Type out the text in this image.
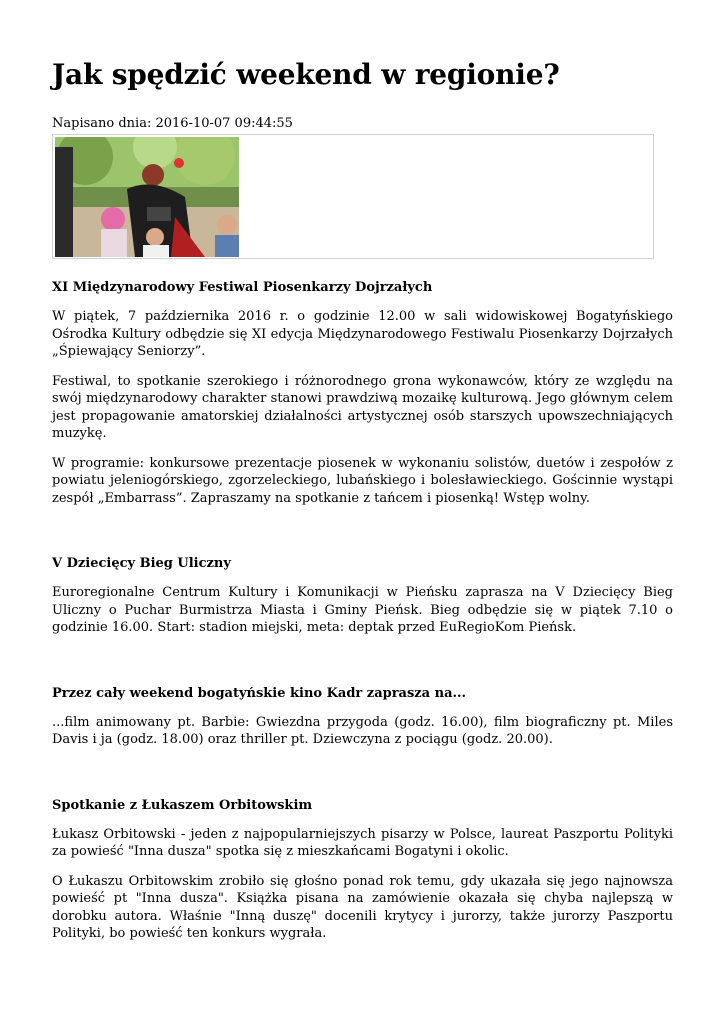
Jak spędzić weekend w regionie?
Napisano dnia: 2016-10-07 09:44:55
XI Międzynarodowy Festiwal Piosenkarzy Dojrzałych

W piątek, 7 października 2016 r. o godzinie 12.00 w sali widowiskowej Bogatyńskiego Ośrodka Kultury odbędzie się XI edycja Międzynarodowego Festiwalu Piosenkarzy Dojrzałych „Śpiewający Seniorzy”.

Festiwal, to spotkanie szerokiego i różnorodnego grona wykonawców, który ze względu na swój międzynarodowy charakter stanowi prawdziwą mozaikę kulturową. Jego głównym celem jest propagowanie amatorskiej działalności artystycznej osób starszych upowszechniających muzykę.

W programie: konkursowe prezentacje piosenek w wykonaniu solistów, duetów i zespołów z powiatu jeleniogórskiego, zgorzeleckiego, lubańskiego i bolesławieckiego. Gościnnie wystąpi zespół „Embarrass”. Zapraszamy na spotkanie z tańcem i piosenką! Wstęp wolny.

V Dziecięcy Bieg Uliczny

Euroregionalne Centrum Kultury i Komunikacji w Pieńsku zaprasza na V Dziecięcy Bieg Uliczny o Puchar Burmistrza Miasta i Gminy Pieńsk. Bieg odbędzie się w piątek 7.10 o godzinie 16.00. Start: stadion miejski, meta: deptak przed EuRegioKom Pieńsk.

Przez cały weekend bogatyńskie kino Kadr zaprasza na...

...film animowany pt. Barbie: Gwiezdna przygoda (godz. 16.00), film biograficzny pt. Miles Davis i ja (godz. 18.00) oraz thriller pt. Dziewczyna z pociągu (godz. 20.00).

Spotkanie z Łukaszem Orbitowskim

Łukasz Orbitowski - jeden z najpopularniejszych pisarzy w Polsce, laureat Paszportu Polityki za powieść "Inna dusza" spotka się z mieszkańcami Bogatyni i okolic.

O Łukaszu Orbitowskim zrobiło się głośno ponad rok temu, gdy ukazała się jego najnowsza powieść pt "Inna dusza". Książka pisana na zamówienie okazała się chyba najlepszą w dorobku autora. Właśnie "Inną duszę" docenili krytycy i jurorzy, także jurorzy Paszportu Polityki, bo powieść ten konkurs wygrała.
